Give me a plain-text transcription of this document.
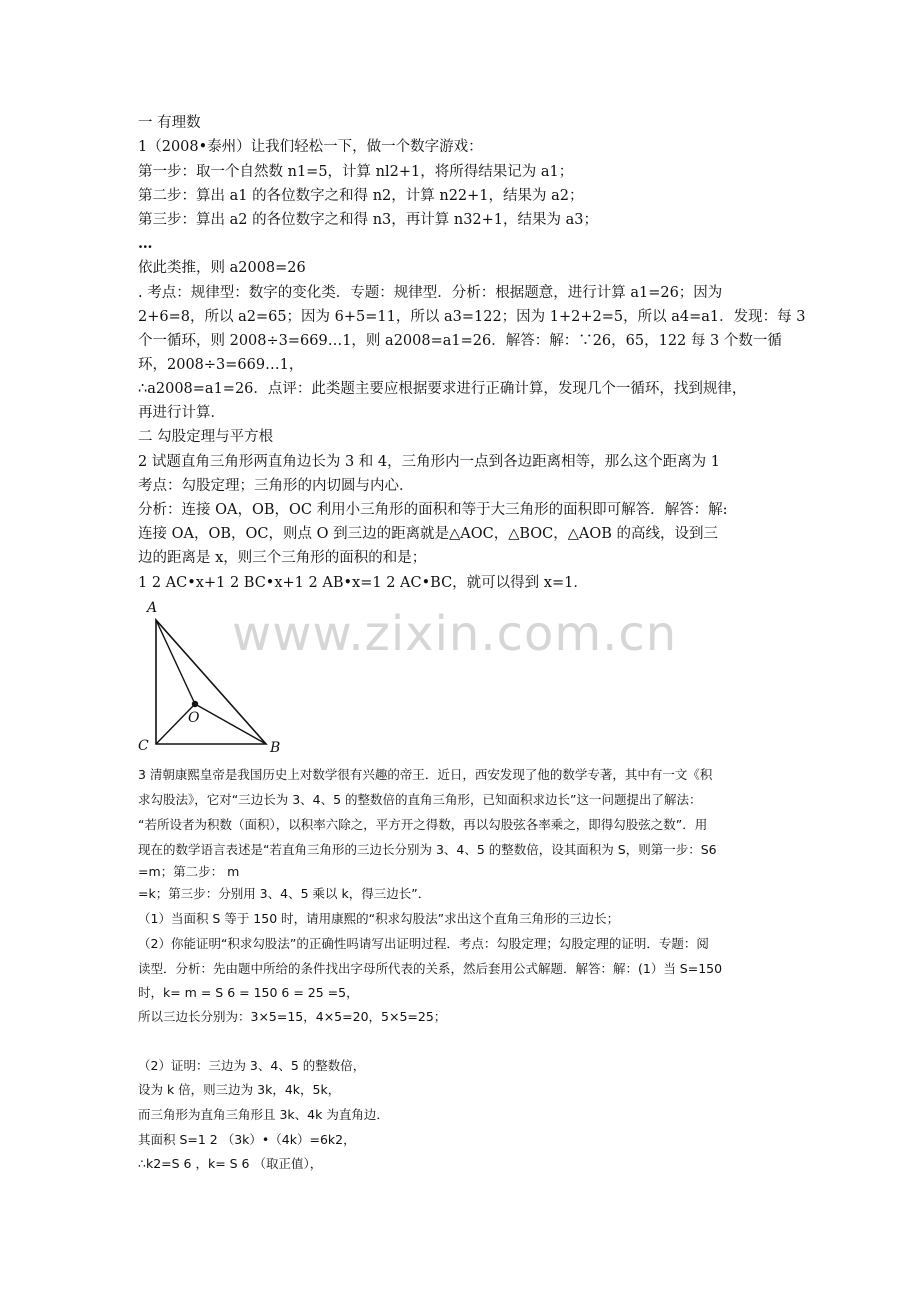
一 有理数
1（2008•泰州）让我们轻松一下，做一个数字游戏：
第一步：取一个自然数 n1=5，计算 nl2+1，将所得结果记为 a1；
第二步：算出 a1 的各位数字之和得 n2，计算 n22+1，结果为 a2；
第三步：算出 a2 的各位数字之和得 n3，再计算 n32+1，结果为 a3；
…
依此类推，则 a2008=26
. 考点：规律型：数字的变化类．专题：规律型．分析：根据题意，进行计算 a1=26；因为
2+6=8，所以 a2=65；因为 6+5=11，所以 a3=122；因为 1+2+2=5，所以 a4=a1．发现：每 3
个一循环，则 2008÷3=669…1，则 a2008=a1=26．解答：解：∵26，65，122 每 3 个数一循
环，2008÷3=669…1，
∴a2008=a1=26．点评：此类题主要应根据要求进行正确计算，发现几个一循环，找到规律，
再进行计算．
二 勾股定理与平方根
2 试题直角三角形两直角边长为 3 和 4，三角形内一点到各边距离相等，那么这个距离为 1
考点：勾股定理；三角形的内切圆与内心．
分析：连接 OA，OB，OC 利用小三角形的面积和等于大三角形的面积即可解答．解答：解:
连接 OA，OB，OC，则点 O 到三边的距离就是△AOC，△BOC，△AOB 的高线，设到三
边的距离是 x，则三个三角形的面积的和是；
1 2 AC•x+1 2 BC•x+1 2 AB•x=1 2 AC•BC，就可以得到 x=1．
A
O
C	B
www.zixin.com.cn
3 清朝康熙皇帝是我国历史上对数学很有兴趣的帝王．近日，西安发现了他的数学专著，其中有一文《积
求勾股法》，它对“三边长为 3、4、5 的整数倍的直角三角形，已知面积求边长”这一问题提出了解法：
“若所设者为积数（面积），以积率六除之，平方开之得数，再以勾股弦各率乘之，即得勾股弦之数”．用
现在的数学语言表述是“若直角三角形的三边长分别为 3、4、5 的整数倍，设其面积为 S，则第一步：S6
=m；第二步： m
=k；第三步：分别用 3、4、5 乘以 k，得三边长”．
（1）当面积 S 等于 150 时，请用康熙的“积求勾股法”求出这个直角三角形的三边长；
（2）你能证明“积求勾股法”的正确性吗请写出证明过程．考点：勾股定理；勾股定理的证明．专题：阅
读型．分析：先由题中所给的条件找出字母所代表的关系，然后套用公式解题．解答：解：(1）当 S=150
时，k= m = S 6 = 150 6 = 25 =5，
所以三边长分别为：3×5=15，4×5=20，5×5=25；
（2）证明：三边为 3、4、5 的整数倍，
设为 k 倍，则三边为 3k，4k，5k，
而三角形为直角三角形且 3k、4k 为直角边．
其面积 S=1 2 （3k）•（4k）=6k2，
∴k2=S 6 ，k= S 6 （取正值），
